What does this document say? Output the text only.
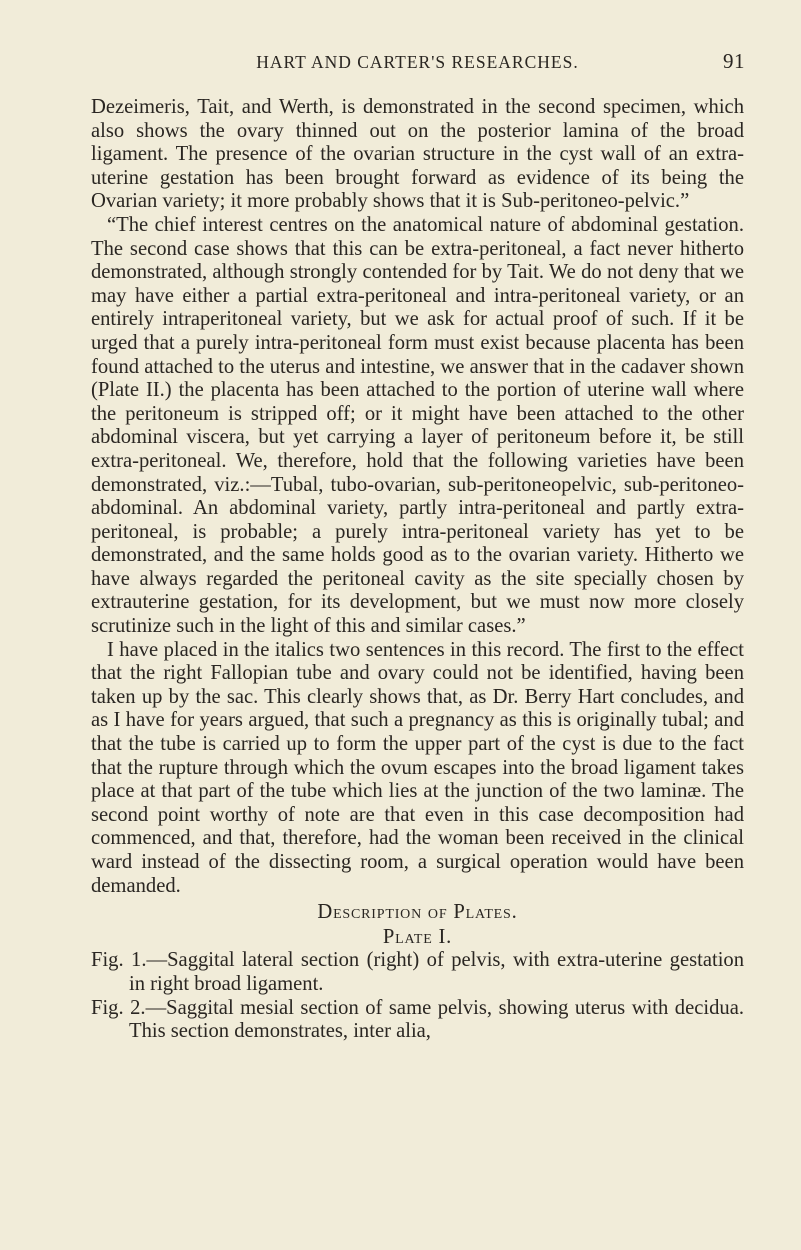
HART AND CARTER'S RESEARCHES.	91

Dezeimeris, Tait, and Werth, is demonstrated in the second specimen, which also shows the ovary thinned out on the posterior lamina of the broad ligament. The presence of the ovarian structure in the cyst wall of an extra-uterine gestation has been brought forward as evidence of its being the Ovarian variety; it more probably shows that it is Sub-peritoneo-pelvic.”

“The chief interest centres on the anatomical nature of abdominal gestation. The second case shows that this can be extra-peritoneal, a fact never hitherto demonstrated, although strongly contended for by Tait. We do not deny that we may have either a partial extra-peritoneal and intra-peritoneal variety, or an entirely intraperitoneal variety, but we ask for actual proof of such. If it be urged that a purely intra-peritoneal form must exist because placenta has been found attached to the uterus and intestine, we answer that in the cadaver shown (Plate II.) the placenta has been attached to the portion of uterine wall where the peritoneum is stripped off; or it might have been attached to the other abdominal viscera, but yet carrying a layer of peritoneum before it, be still extra-peritoneal. We, therefore, hold that the following varieties have been demonstrated, viz.:—Tubal, tubo-ovarian, sub-peritoneopelvic, sub-peritoneo-abdominal. An abdominal variety, partly intra-peritoneal and partly extra-peritoneal, is probable; a purely intra-peritoneal variety has yet to be demonstrated, and the same holds good as to the ovarian variety. Hitherto we have always regarded the peritoneal cavity as the site specially chosen by extrauterine gestation, for its development, but we must now more closely scrutinize such in the light of this and similar cases.”

I have placed in the italics two sentences in this record. The first to the effect that the right Fallopian tube and ovary could not be identified, having been taken up by the sac. This clearly shows that, as Dr. Berry Hart concludes, and as I have for years argued, that such a pregnancy as this is originally tubal; and that the tube is carried up to form the upper part of the cyst is due to the fact that the rupture through which the ovum escapes into the broad ligament takes place at that part of the tube which lies at the junction of the two laminæ. The second point worthy of note are that even in this case decomposition had commenced, and that, therefore, had the woman been received in the clinical ward instead of the dissecting room, a surgical operation would have been demanded.

Description of Plates.
Plate I.

Fig. 1.—Saggital lateral section (right) of pelvis, with extra-uterine gestation in right broad ligament.

Fig. 2.—Saggital mesial section of same pelvis, showing uterus with decidua. This section demonstrates, inter alia,
